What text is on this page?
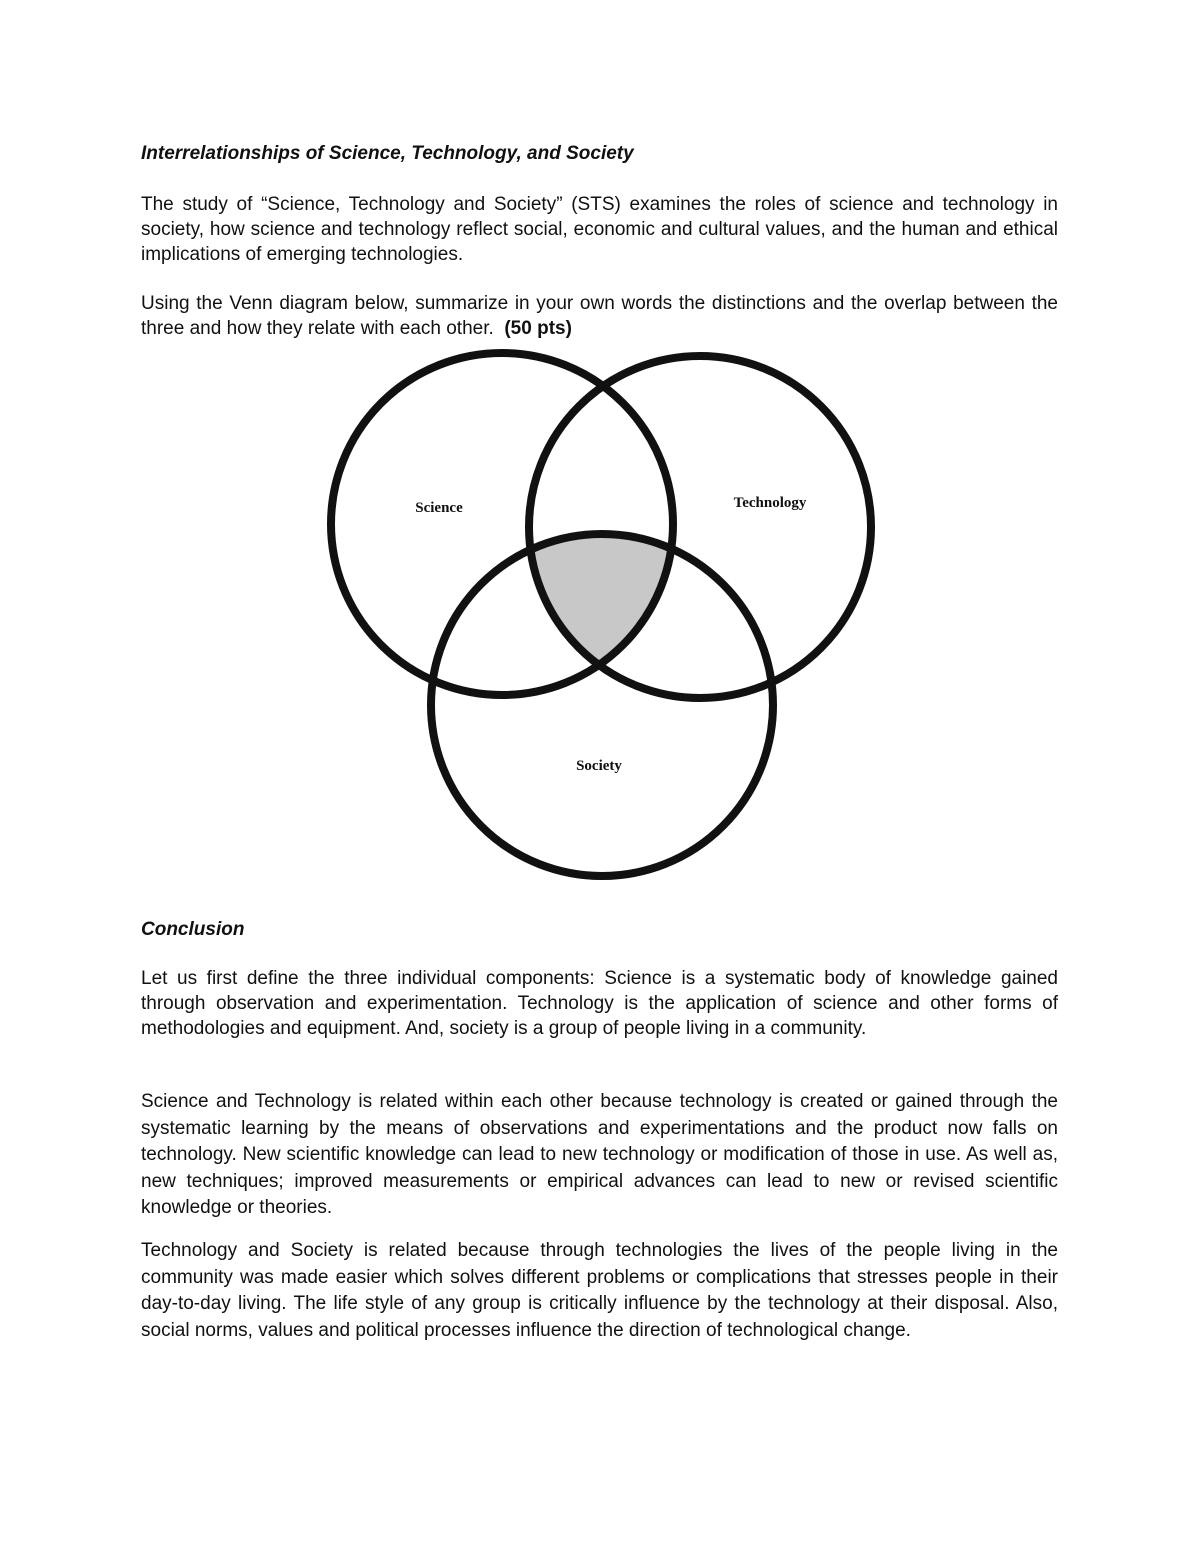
Interrelationships of Science, Technology, and Society

The study of “Science, Technology and Society” (STS) examines the roles of science and technology in society, how science and technology reflect social, economic and cultural values, and the human and ethical implications of emerging technologies.

Using the Venn diagram below, summarize in your own words the distinctions and the overlap between the three and how they relate with each other. (50 pts)

Science	Technology
Society
Conclusion

Let us first define the three individual components: Science is a systematic body of knowledge gained through observation and experimentation. Technology is the application of science and other forms of methodologies and equipment. And, society is a group of people living in a community.

Science and Technology is related within each other because technology is created or gained through the systematic learning by the means of observations and experimentations and the product now falls on technology. New scientific knowledge can lead to new technology or modification of those in use. As well as, new techniques; improved measurements or empirical advances can lead to new or revised scientific knowledge or theories.

Technology and Society is related because through technologies the lives of the people living in the community was made easier which solves different problems or complications that stresses people in their day-to-day living. The life style of any group is critically influence by the technology at their disposal. Also, social norms, values and political processes influence the direction of technological change.
